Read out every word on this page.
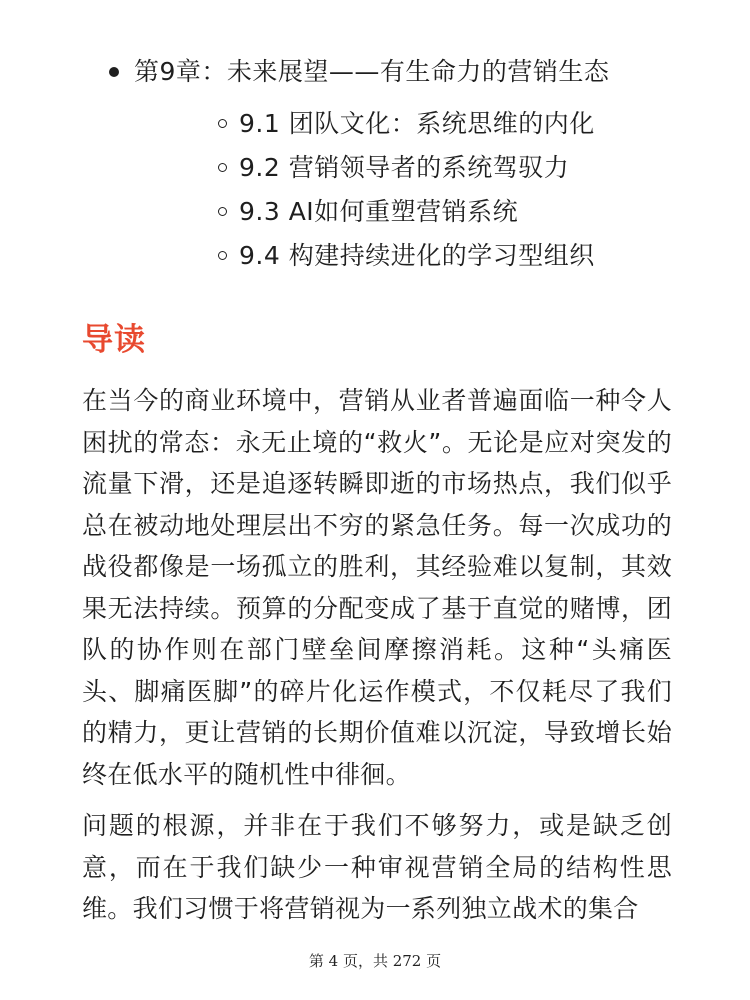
第9章：未来展望——有生命力的营销生态
9.1 团队文化：系统思维的内化
9.2 营销领导者的系统驾驭力
9.3 AI如何重塑营销系统
9.4 构建持续进化的学习型组织
导读

在当今的商业环境中，营销从业者普遍面临一种令人困扰的常态：永无止境的“救火”。无论是应对突发的流量下滑，还是追逐转瞬即逝的市场热点，我们似乎总在被动地处理层出不穷的紧急任务。每一次成功的战役都像是一场孤立的胜利，其经验难以复制，其效果无法持续。预算的分配变成了基于直觉的赌博，团队的协作则在部门壁垒间摩擦消耗。这种“头痛医头、脚痛医脚”的碎片化运作模式，不仅耗尽了我们的精力，更让营销的长期价值难以沉淀，导致增长始终在低水平的随机性中徘徊。

问题的根源，并非在于我们不够努力，或是缺乏创意，而在于我们缺少一种审视营销全局的结构性思维。我们习惯于将营销视为一系列独立战术的集合

第 4 页，共 272 页
